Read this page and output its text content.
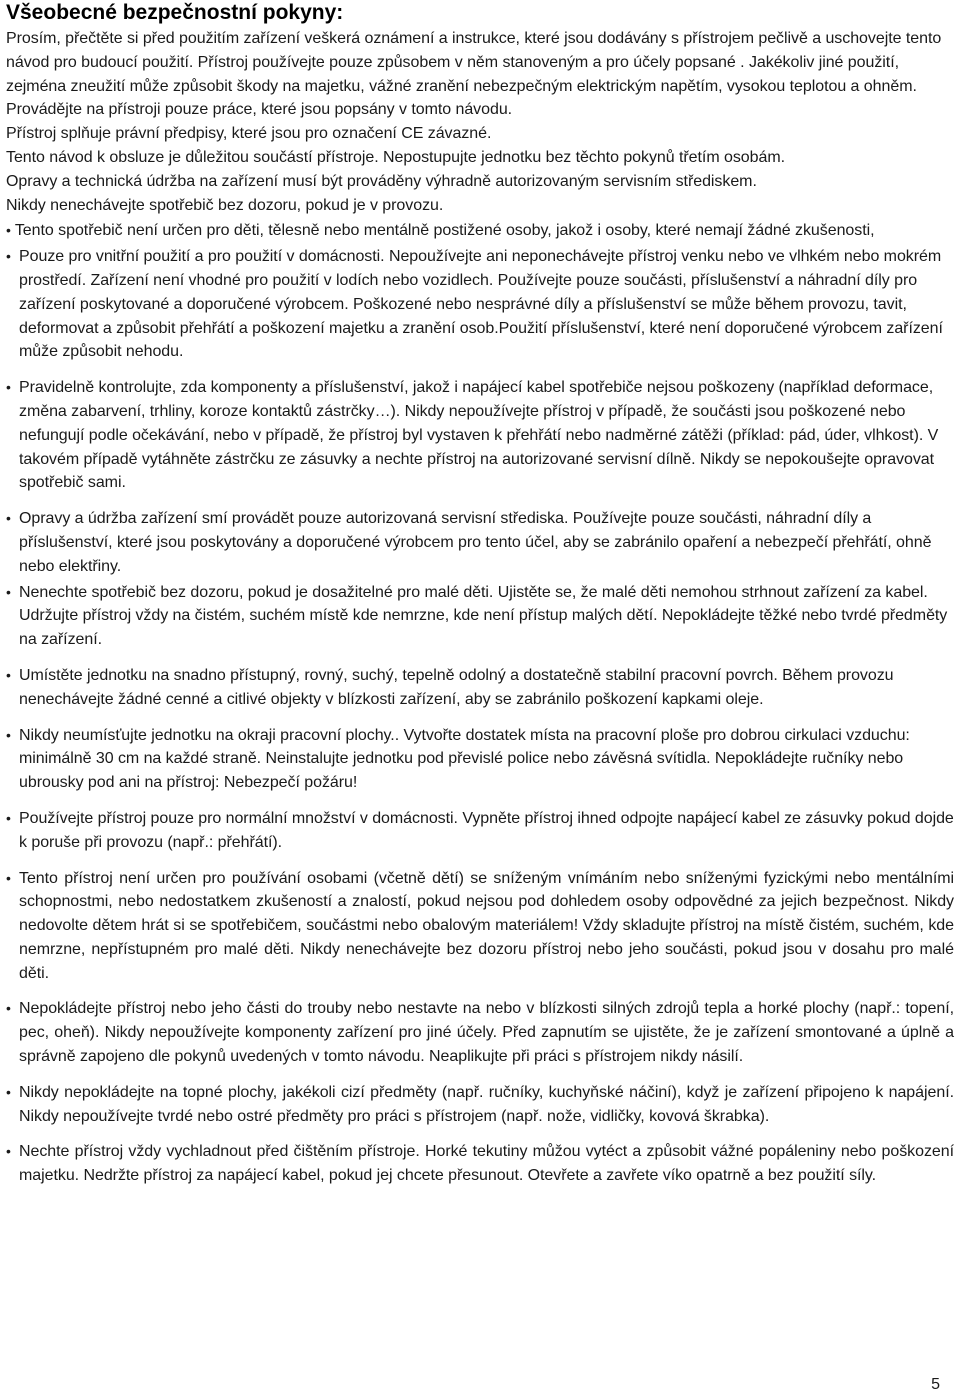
Všeobecné bezpečnostní pokyny:

Prosím, přečtěte si před použitím zařízení veškerá oznámení a instrukce, které jsou dodávány s přístrojem pečlivě a uschovejte tento návod pro budoucí použití. Přístroj používejte pouze způsobem v něm stanoveným a pro účely popsané . Jakékoliv jiné použití, zejména zneužití může způsobit škody na majetku, vážné zranění nebezpečným elektrickým napětím, vysokou teplotou a ohněm. Provádějte na přístroji pouze práce, které jsou popsány v tomto návodu.

Přístroj splňuje právní předpisy, které jsou pro označení CE závazné.

Tento návod k obsluze je důležitou součástí přístroje. Nepostupujte jednotku bez těchto pokynů třetím osobám.

Opravy a technická údržba na zařízení musí být prováděny výhradně autorizovaným servisním střediskem.

Nikdy nenechávejte spotřebič bez dozoru, pokud je v provozu.

• Tento spotřebič není určen pro děti, tělesně nebo mentálně postižené osoby, jakož i osoby, které nemají žádné zkušenosti,
• Pouze pro vnitřní použití a pro použití v domácnosti. Nepoužívejte ani neponechávejte přístroj venku nebo ve vlhkém nebo mokrém prostředí. Zařízení není vhodné pro použití v lodích nebo vozidlech. Používejte pouze součásti, příslušenství a náhradní díly pro zařízení poskytované a doporučené výrobcem. Poškozené nebo nesprávné díly a příslušenství se může během provozu, tavit, deformovat a způsobit přehřátí a poškození majetku a zranění osob.Použití příslušenství, které není doporučené výrobcem zařízení může způsobit nehodu.
• Pravidelně kontrolujte, zda komponenty a příslušenství, jakož i napájecí kabel spotřebiče nejsou poškozeny (například deformace, změna zabarvení, trhliny, koroze kontaktů zástrčky…). Nikdy nepoužívejte přístroj v případě, že součásti jsou poškozené nebo nefungují podle očekávání, nebo v případě, že přístroj byl vystaven k přehřátí nebo nadměrné zátěži (příklad: pád, úder, vlhkost). V takovém případě vytáhněte zástrčku ze zásuvky a nechte přístroj na autorizované servisní dílně. Nikdy se nepokoušejte opravovat spotřebič sami.
• Opravy a údržba zařízení smí provádět pouze autorizovaná servisní střediska. Používejte pouze součásti, náhradní díly a příslušenství, které jsou poskytovány a doporučené výrobcem pro tento účel, aby se zabránilo opaření a nebezpečí přehřátí, ohně nebo elektřiny.
• Nenechte spotřebič bez dozoru, pokud je dosažitelné pro malé děti. Ujistěte se, že malé děti nemohou strhnout zařízení za kabel. Udržujte přístroj vždy na čistém, suchém místě kde nemrzne, kde není přístup malých dětí. Nepokládejte těžké nebo tvrdé předměty na zařízení.
• Umístěte jednotku na snadno přístupný, rovný, suchý, tepelně odolný a dostatečně stabilní pracovní povrch. Během provozu nenechávejte žádné cenné a citlivé objekty v blízkosti zařízení, aby se zabránilo poškození kapkami oleje.
• Nikdy neumísťujte jednotku na okraji pracovní plochy.. Vytvořte dostatek místa na pracovní ploše pro dobrou cirkulaci vzduchu: minimálně 30 cm na každé straně. Neinstalujte jednotku pod převislé police nebo závěsná svítidla. Nepokládejte ručníky nebo ubrousky pod ani na přístroj: Nebezpečí požáru!
• Používejte přístroj pouze pro normální množství v domácnosti. Vypněte přístroj ihned odpojte napájecí kabel ze zásuvky pokud dojde k poruše při provozu (např.: přehřátí).
• Tento přístroj není určen pro používání osobami (včetně dětí) se sníženým vnímáním nebo sníženými fyzickými nebo mentálními schopnostmi, nebo nedostatkem zkušeností a znalostí, pokud nejsou pod dohledem osoby odpovědné za jejich bezpečnost. Nikdy nedovolte dětem hrát si se spotřebičem, součástmi nebo obalovým materiálem! Vždy skladujte přístroj na místě čistém, suchém, kde nemrzne, nepřístupném pro malé děti. Nikdy nenechávejte bez dozoru přístroj nebo jeho součásti, pokud jsou v dosahu pro malé děti.
• Nepokládejte přístroj nebo jeho části do trouby nebo nestavte na nebo v blízkosti silných zdrojů tepla a horké plochy (např.: topení, pec, oheň). Nikdy nepoužívejte komponenty zařízení pro jiné účely. Před zapnutím se ujistěte, že je zařízení smontované a úplně a správně zapojeno dle pokynů uvedených v tomto návodu. Neaplikujte při práci s přístrojem nikdy násilí.
• Nikdy nepokládejte na topné plochy, jakékoli cizí předměty (např. ručníky, kuchyňské náčiní), když je zařízení připojeno k napájení. Nikdy nepoužívejte tvrdé nebo ostré předměty pro práci s přístrojem (např. nože, vidličky, kovová škrabka).
• Nechte přístroj vždy vychladnout před čištěním přístroje. Horké tekutiny můžou vytéct a způsobit vážné popáleniny nebo poškození majetku. Nedržte přístroj za napájecí kabel, pokud jej chcete přesunout. Otevřete a zavřete víko opatrně a bez použití síly.
5
